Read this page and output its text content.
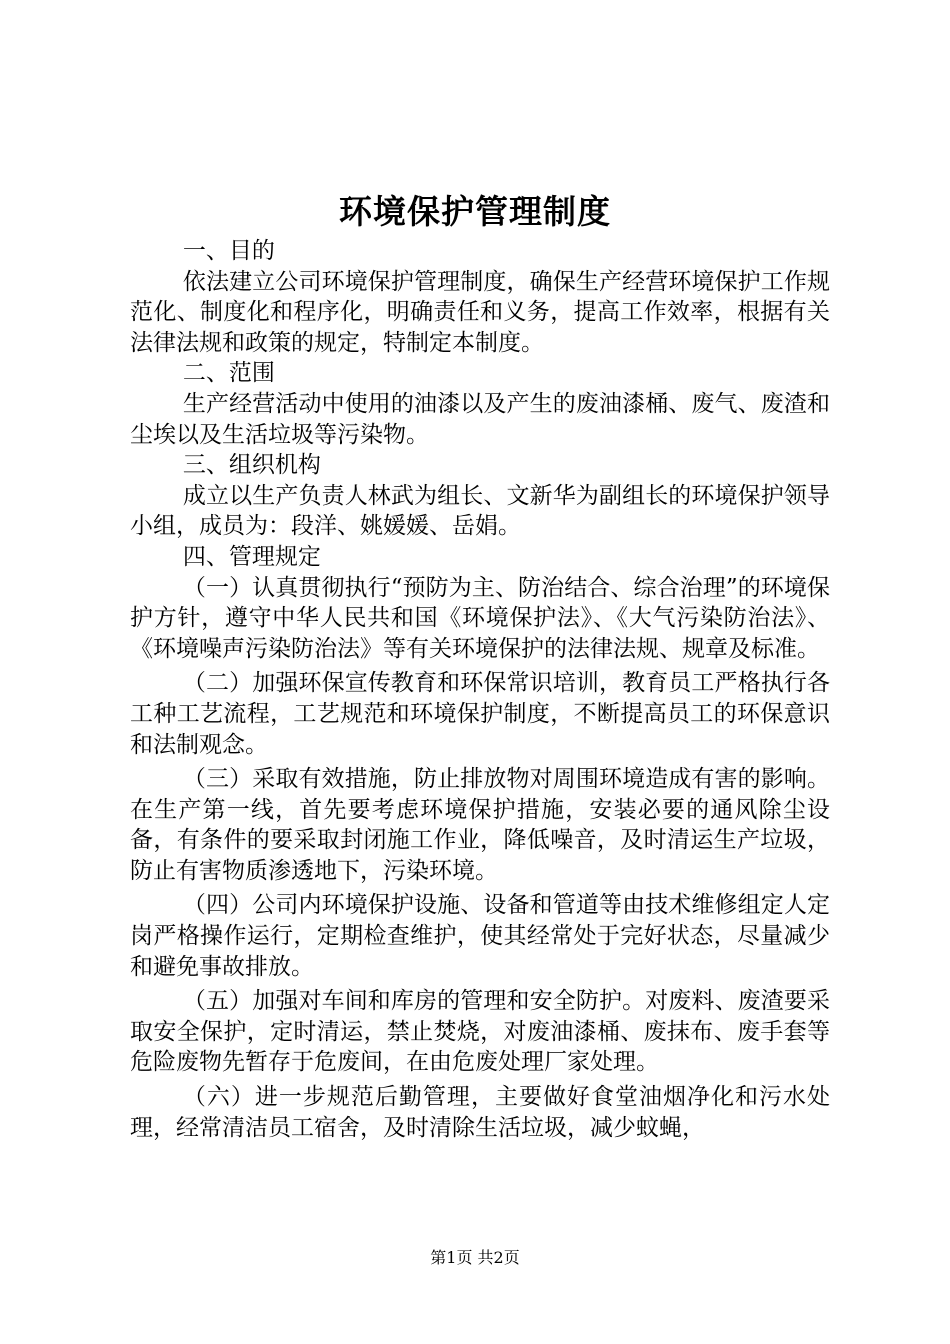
环境保护管理制度

一、目的

依法建立公司环境保护管理制度，确保生产经营环境保护工作规范化、制度化和程序化，明确责任和义务，提高工作效率，根据有关法律法规和政策的规定，特制定本制度。

二、范围

生产经营活动中使用的油漆以及产生的废油漆桶、废气、废渣和尘埃以及生活垃圾等污染物。

三、组织机构

成立以生产负责人林武为组长、文新华为副组长的环境保护领导小组，成员为：段洋、姚媛媛、岳娟。

四、管理规定

（一）认真贯彻执行“预防为主、防治结合、综合治理”的环境保护方针，遵守中华人民共和国《环境保护法》、《大气污染防治法》、《环境噪声污染防治法》等有关环境保护的法律法规、规章及标准。

（二）加强环保宣传教育和环保常识培训，教育员工严格执行各工种工艺流程，工艺规范和环境保护制度，不断提高员工的环保意识和法制观念。

（三）采取有效措施，防止排放物对周围环境造成有害的影响。在生产第一线，首先要考虑环境保护措施，安装必要的通风除尘设备，有条件的要采取封闭施工作业，降低噪音，及时清运生产垃圾，防止有害物质渗透地下，污染环境。

（四）公司内环境保护设施、设备和管道等由技术维修组定人定岗严格操作运行，定期检查维护，使其经常处于完好状态，尽量减少和避免事故排放。

（五）加强对车间和库房的管理和安全防护。对废料、废渣要采取安全保护，定时清运，禁止焚烧，对废油漆桶、废抹布、废手套等危险废物先暂存于危废间，在由危废处理厂家处理。

（六）进一步规范后勤管理，主要做好食堂油烟净化和污水处理，经常清洁员工宿舍，及时清除生活垃圾，减少蚊蝇，

第1页 共2页
